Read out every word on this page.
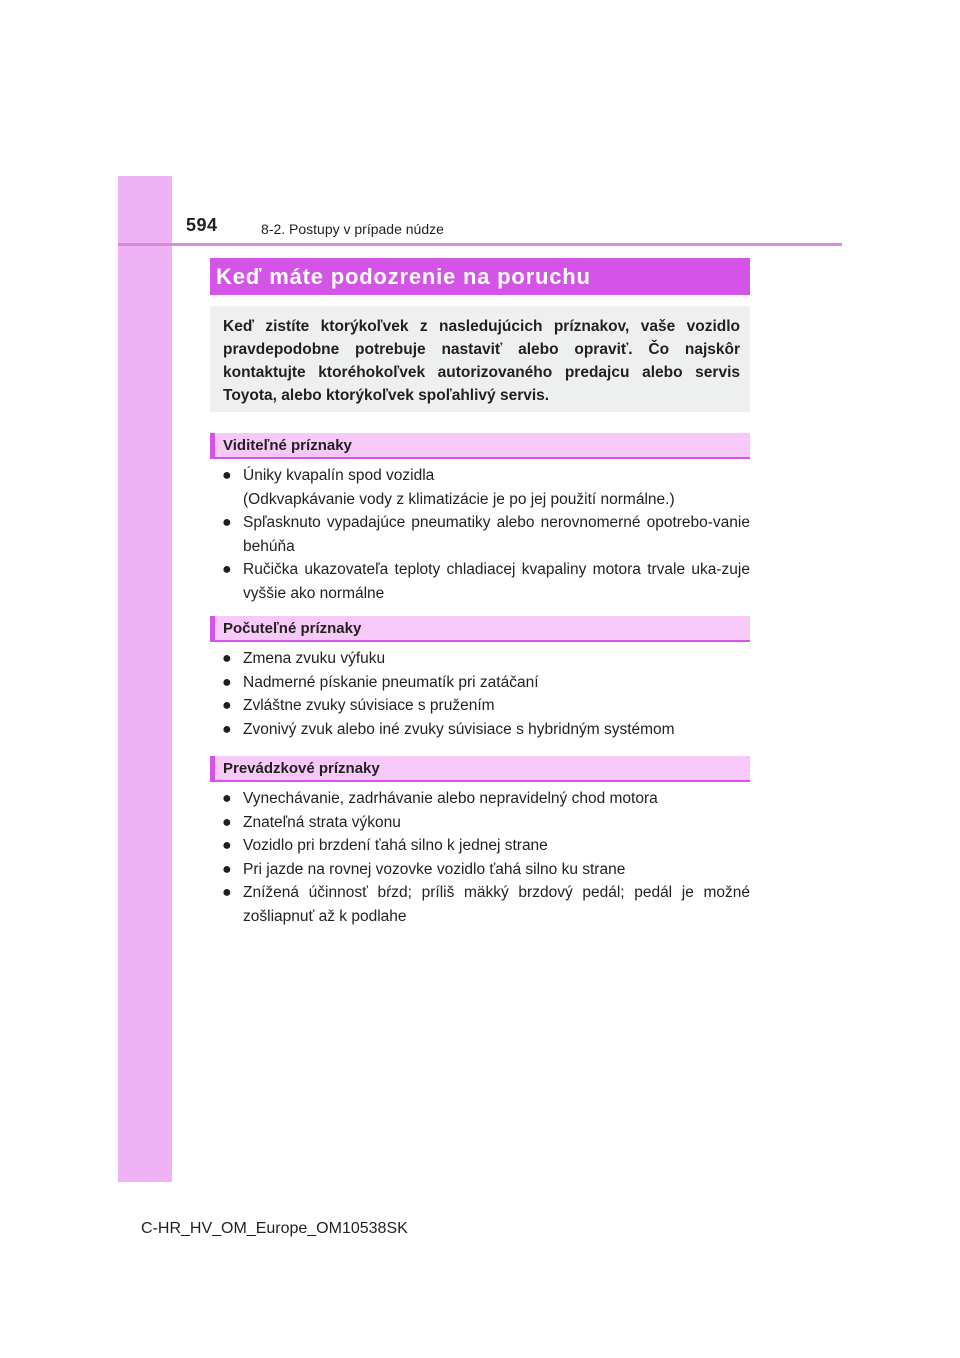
594	8-2. Postupy v prípade núdze
Keď máte podozrenie na poruchu
Keď zistíte ktorýkoľvek z nasledujúcich príznakov, vaše vozidlo pravdepodobne potrebuje nastaviť alebo opraviť. Čo najskôr kontaktujte ktoréhokoľvek autorizovaného predajcu alebo servis Toyota, alebo ktorýkoľvek spoľahlivý servis.
Viditeľné príznaky
● Úniky kvapalín spod vozidla
(Odkvapkávanie vody z klimatizácie je po jej použití normálne.)
● Spľasknuto vypadajúce pneumatiky alebo nerovnomerné opotrebo-vanie behúňa
● Ručička ukazovateľa teploty chladiacej kvapaliny motora trvale uka-zuje vyššie ako normálne
Počuteľné príznaky
● Zmena zvuku výfuku
● Nadmerné pískanie pneumatík pri zatáčaní
● Zvláštne zvuky súvisiace s pružením
● Zvonivý zvuk alebo iné zvuky súvisiace s hybridným systémom
Prevádzkové príznaky
● Vynechávanie, zadrhávanie alebo nepravidelný chod motora
● Znateľná strata výkonu
● Vozidlo pri brzdení ťahá silno k jednej strane
● Pri jazde na rovnej vozovke vozidlo ťahá silno ku strane
● Znížená účinnosť bŕzd; príliš mäkký brzdový pedál; pedál je možné zošliapnuť až k podlahe
C-HR_HV_OM_Europe_OM10538SK
